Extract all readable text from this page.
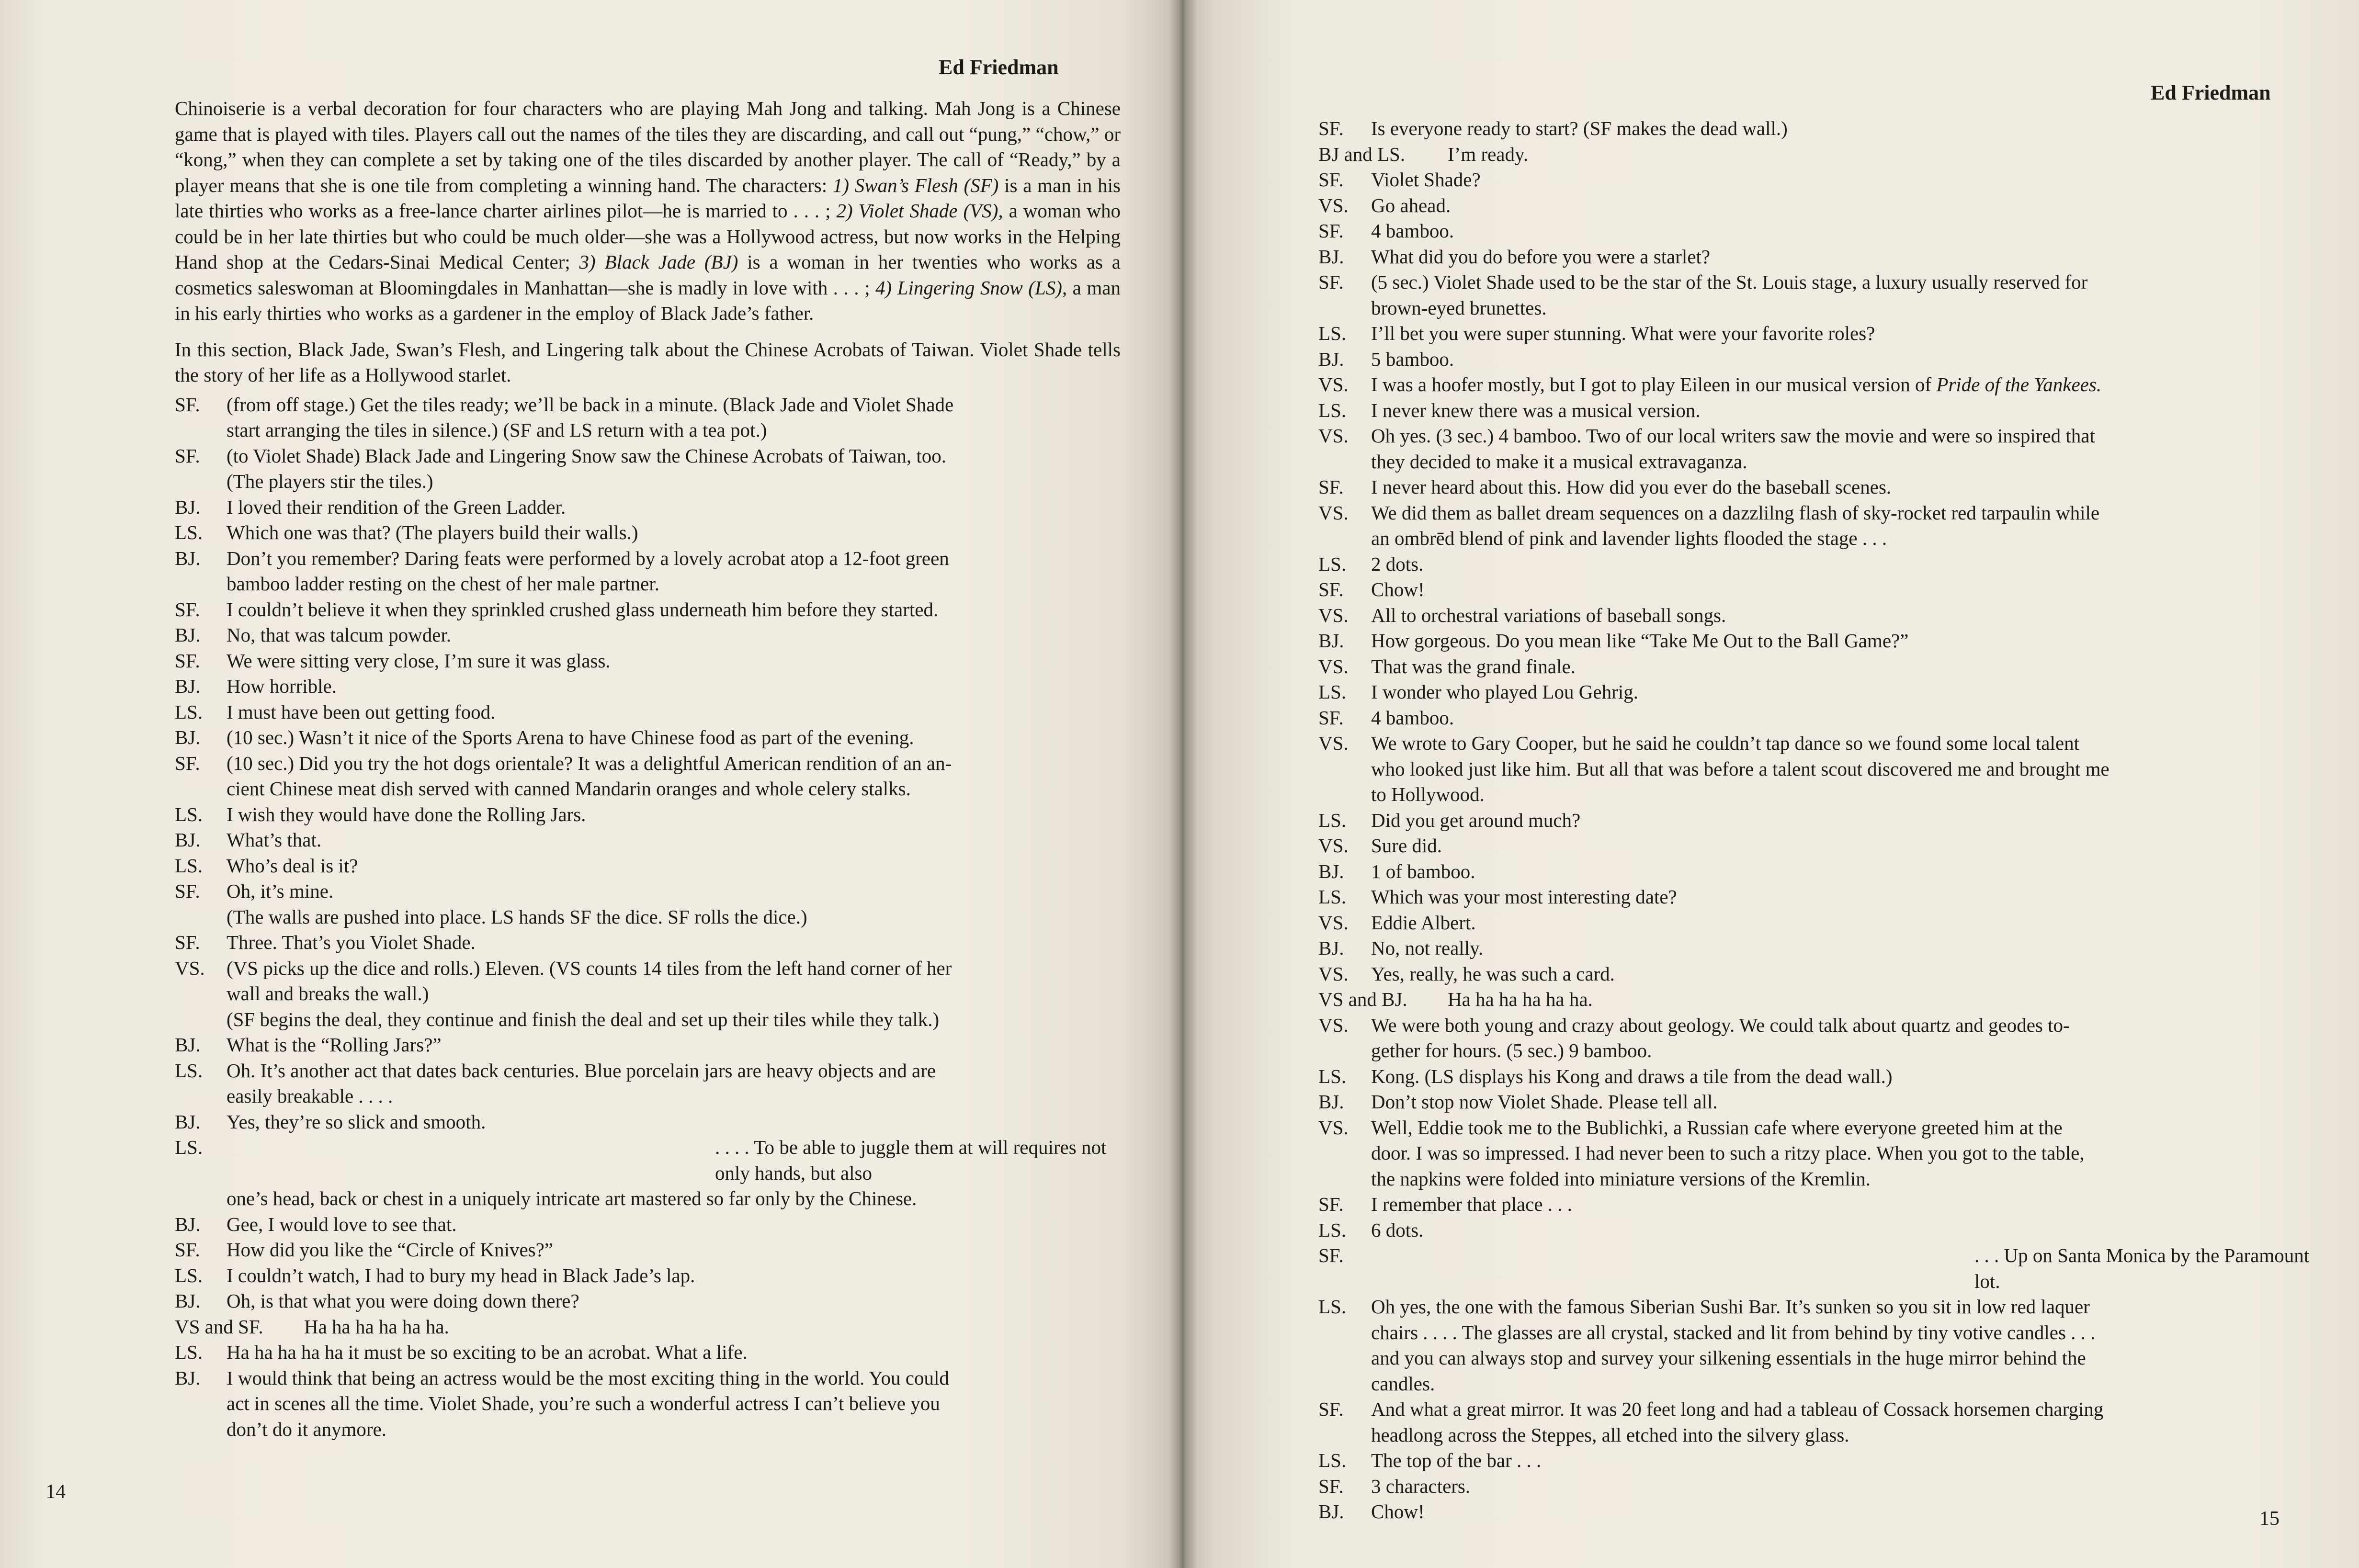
Ed Friedman

Chinoiserie is a verbal decoration for four characters who are playing Mah Jong and talking. Mah Jong is a Chinese game that is played with tiles. Players call out the names of the tiles they are discarding, and call out “pung,” “chow,” or “kong,” when they can complete a set by taking one of the tiles discarded by another player. The call of “Ready,” by a player means that she is one tile from completing a winning hand. The characters: 1) Swan’s Flesh (SF) is a man in his late thirties who works as a free-lance charter airlines pilot—he is married to . . . ; 2) Violet Shade (VS), a woman who could be in her late thirties but who could be much older—she was a Hollywood actress, but now works in the Helping Hand shop at the Cedars-Sinai Medical Center; 3) Black Jade (BJ) is a woman in her twenties who works as a cosmetics saleswoman at Bloomingdales in Manhattan—she is madly in love with . . . ; 4) Lingering Snow (LS), a man in his early thirties who works as a gardener in the employ of Black Jade’s father.

In this section, Black Jade, Swan’s Flesh, and Lingering talk about the Chinese Acrobats of Taiwan. Violet Shade tells the story of her life as a Hollywood starlet.

SF. (from off stage.) Get the tiles ready; we’ll be back in a minute. (Black Jade and Violet Shade
start arranging the tiles in silence.) (SF and LS return with a tea pot.)
SF. (to Violet Shade) Black Jade and Lingering Snow saw the Chinese Acrobats of Taiwan, too.
(The players stir the tiles.)
BJ. I loved their rendition of the Green Ladder.
LS. Which one was that? (The players build their walls.)
BJ. Don’t you remember? Daring feats were performed by a lovely acrobat atop a 12-foot green
bamboo ladder resting on the chest of her male partner.
SF. I couldn’t believe it when they sprinkled crushed glass underneath him before they started.
BJ. No, that was talcum powder.
SF. We were sitting very close, I’m sure it was glass.
BJ. How horrible.
LS. I must have been out getting food.
BJ. (10 sec.) Wasn’t it nice of the Sports Arena to have Chinese food as part of the evening.
SF. (10 sec.) Did you try the hot dogs orientale? It was a delightful American rendition of an an-
cient Chinese meat dish served with canned Mandarin oranges and whole celery stalks.
LS. I wish they would have done the Rolling Jars.
BJ. What’s that.
LS. Who’s deal is it?
SF. Oh, it’s mine.
(The walls are pushed into place. LS hands SF the dice. SF rolls the dice.)
SF. Three. That’s you Violet Shade.
VS. (VS picks up the dice and rolls.) Eleven. (VS counts 14 tiles from the left hand corner of her
wall and breaks the wall.)
(SF begins the deal, they continue and finish the deal and set up their tiles while they talk.)
BJ. What is the “Rolling Jars?”
LS. Oh. It’s another act that dates back centuries. Blue porcelain jars are heavy objects and are
easily breakable . . . .
BJ. Yes, they’re so slick and smooth.
LS.	. . . . To be able to juggle them at will requires not only hands, but also
one’s head, back or chest in a uniquely intricate art mastered so far only by the Chinese.
BJ. Gee, I would love to see that.
SF. How did you like the “Circle of Knives?”
LS. I couldn’t watch, I had to bury my head in Black Jade’s lap.
BJ. Oh, is that what you were doing down there?
VS and SF. Ha ha ha ha ha ha.
LS. Ha ha ha ha ha it must be so exciting to be an acrobat. What a life.
BJ. I would think that being an actress would be the most exciting thing in the world. You could
act in scenes all the time. Violet Shade, you’re such a wonderful actress I can’t believe you
don’t do it anymore.
14
Ed Friedman
SF. Is everyone ready to start? (SF makes the dead wall.)
BJ and LS. I’m ready.
SF. Violet Shade?
VS. Go ahead.
SF. 4 bamboo.
BJ. What did you do before you were a starlet?
SF. (5 sec.) Violet Shade used to be the star of the St. Louis stage, a luxury usually reserved for
brown-eyed brunettes.
LS. I’ll bet you were super stunning. What were your favorite roles?
BJ. 5 bamboo.
VS. I was a hoofer mostly, but I got to play Eileen in our musical version of Pride of the Yankees.
LS. I never knew there was a musical version.
VS. Oh yes. (3 sec.) 4 bamboo. Two of our local writers saw the movie and were so inspired that
they decided to make it a musical extravaganza.
SF. I never heard about this. How did you ever do the baseball scenes.
VS. We did them as ballet dream sequences on a dazzlilng flash of sky-rocket red tarpaulin while
an ombrēd blend of pink and lavender lights flooded the stage . . .
LS. 2 dots.
SF. Chow!
VS. All to orchestral variations of baseball songs.
BJ. How gorgeous. Do you mean like “Take Me Out to the Ball Game?”
VS. That was the grand finale.
LS. I wonder who played Lou Gehrig.
SF. 4 bamboo.
VS. We wrote to Gary Cooper, but he said he couldn’t tap dance so we found some local talent
who looked just like him. But all that was before a talent scout discovered me and brought me
to Hollywood.
LS. Did you get around much?
VS. Sure did.
BJ. 1 of bamboo.
LS. Which was your most interesting date?
VS. Eddie Albert.
BJ. No, not really.
VS. Yes, really, he was such a card.
VS and BJ. Ha ha ha ha ha ha.
VS. We were both young and crazy about geology. We could talk about quartz and geodes to-
gether for hours. (5 sec.) 9 bamboo.
LS. Kong. (LS displays his Kong and draws a tile from the dead wall.)
BJ. Don’t stop now Violet Shade. Please tell all.
VS. Well, Eddie took me to the Bublichki, a Russian cafe where everyone greeted him at the
door. I was so impressed. I had never been to such a ritzy place. When you got to the table,
the napkins were folded into miniature versions of the Kremlin.
SF. I remember that place . . .
LS. 6 dots.
SF.	. . . Up on Santa Monica by the Paramount lot.
LS. Oh yes, the one with the famous Siberian Sushi Bar. It’s sunken so you sit in low red laquer
chairs . . . . The glasses are all crystal, stacked and lit from behind by tiny votive candles . . .
and you can always stop and survey your silkening essentials in the huge mirror behind the
candles.
SF. And what a great mirror. It was 20 feet long and had a tableau of Cossack horsemen charging
headlong across the Steppes, all etched into the silvery glass.
LS. The top of the bar . . .
SF. 3 characters.
BJ. Chow!	15
